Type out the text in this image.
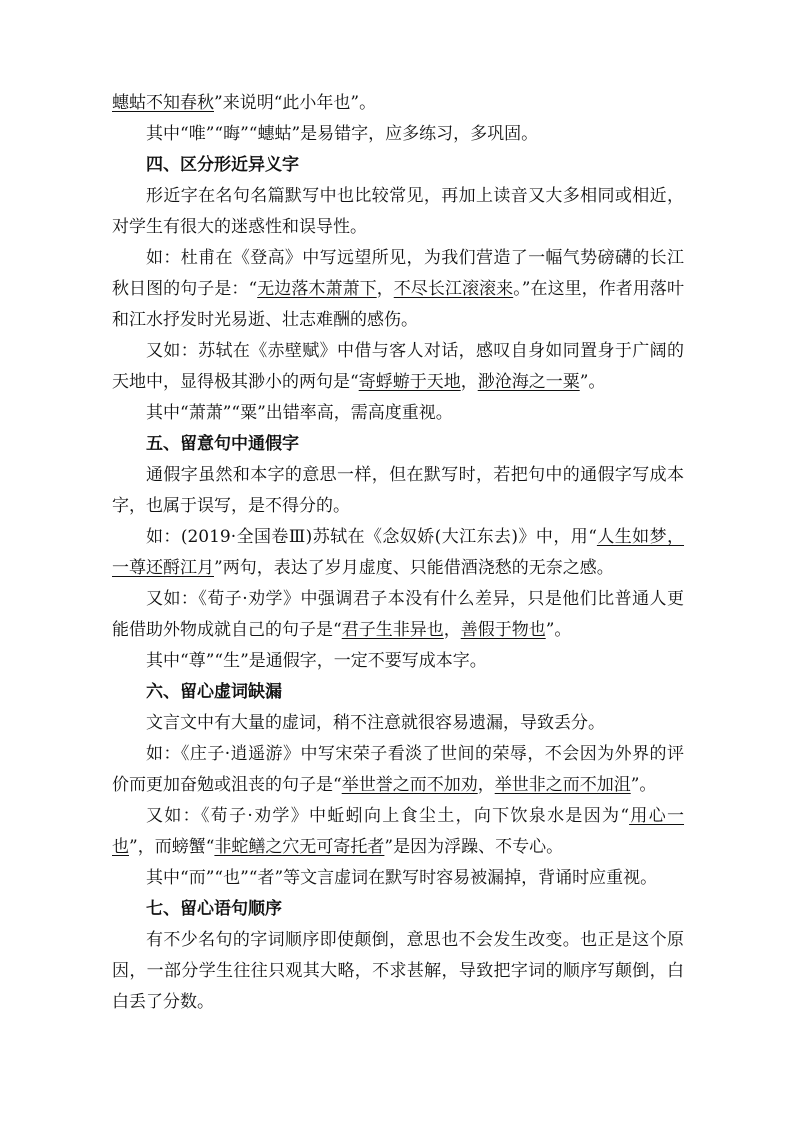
蟪蛄不知春秋”来说明“此小年也”。

其中“唯”“晦”“蟪蛄”是易错字，应多练习，多巩固。

四、区分形近异义字

形近字在名句名篇默写中也比较常见，再加上读音又大多相同或相近，对学生有很大的迷惑性和误导性。

如：杜甫在《登高》中写远望所见，为我们营造了一幅气势磅礴的长江秋日图的句子是：“无边落木萧萧下，不尽长江滚滚来。”在这里，作者用落叶和江水抒发时光易逝、壮志难酬的感伤。

又如：苏轼在《赤壁赋》中借与客人对话，感叹自身如同置身于广阔的天地中，显得极其渺小的两句是“寄蜉蝣于天地，渺沧海之一粟”。

其中“萧萧”“粟”出错率高，需高度重视。

五、留意句中通假字

通假字虽然和本字的意思一样，但在默写时，若把句中的通假字写成本字，也属于误写，是不得分的。

如：(2019·全国卷Ⅲ)苏轼在《念奴娇(大江东去)》中，用“人生如梦，一尊还酹江月”两句，表达了岁月虚度、只能借酒浇愁的无奈之感。

又如：《荀子·劝学》中强调君子本没有什么差异，只是他们比普通人更能借助外物成就自己的句子是“君子生非异也，善假于物也”。

其中“尊”“生”是通假字，一定不要写成本字。

六、留心虚词缺漏

文言文中有大量的虚词，稍不注意就很容易遗漏，导致丢分。

如：《庄子·逍遥游》中写宋荣子看淡了世间的荣辱，不会因为外界的评价而更加奋勉或沮丧的句子是“举世誉之而不加劝，举世非之而不加沮”。

又如：《荀子·劝学》中蚯蚓向上食尘土，向下饮泉水是因为“用心一也”，而螃蟹“非蛇鳝之穴无可寄托者”是因为浮躁、不专心。

其中“而”“也”“者”等文言虚词在默写时容易被漏掉，背诵时应重视。

七、留心语句顺序

有不少名句的字词顺序即使颠倒，意思也不会发生改变。也正是这个原因，一部分学生往往只观其大略，不求甚解，导致把字词的顺序写颠倒，白白丢了分数。
